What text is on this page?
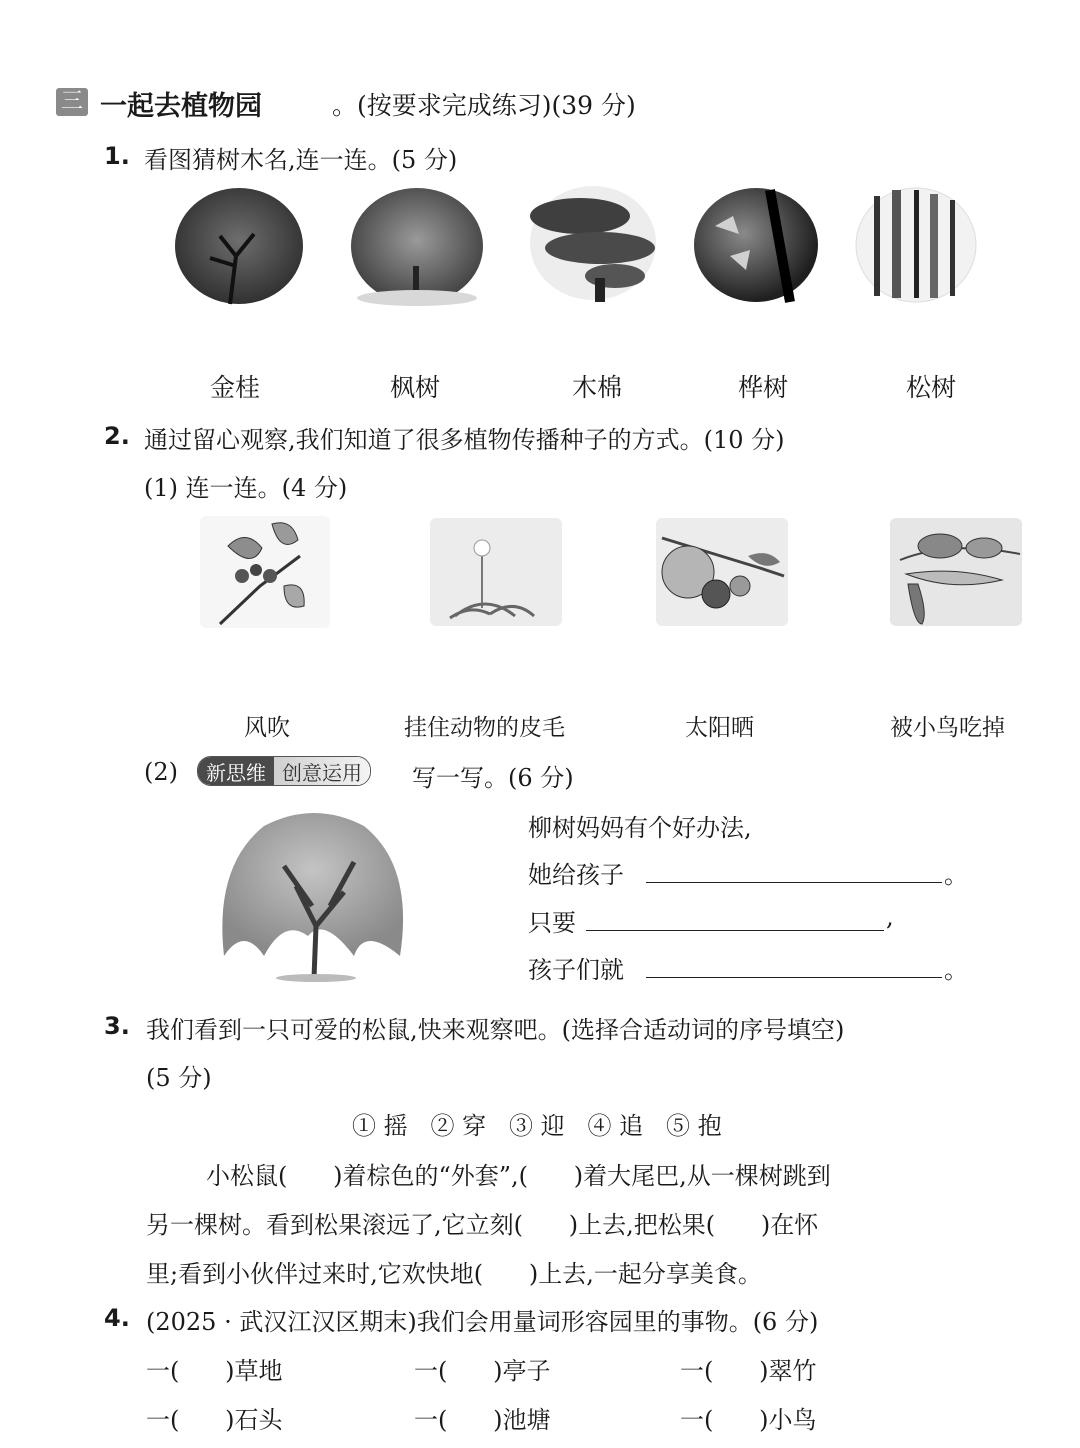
三 一起去植物园	。(按要求完成练习)(39 分)
1. 看图猜树木名,连一连。(5 分)
金桂	枫树	木棉	桦树	松树
2. 通过留心观察,我们知道了很多植物传播种子的方式。(10 分)
(1) 连一连。(4 分)
风吹	挂住动物的皮毛	太阳晒	被小鸟吃掉
(2)	新思维 创意运用	写一写。(6 分)
柳树妈妈有个好办法,
她给孩子	。
只要	,
孩子们就	。
3. 我们看到一只可爱的松鼠,快来观察吧。(选择合适动词的序号填空)
(5 分)
① 摇   ② 穿   ③ 迎   ④ 追   ⑤ 抱
小松鼠(      )着棕色的“外套”,(      )着大尾巴,从一棵树跳到
另一棵树。看到松果滚远了,它立刻(      )上去,把松果(      )在怀
里;看到小伙伴过来时,它欢快地(      )上去,一起分享美食。
4. (2025 · 武汉江汉区期末)我们会用量词形容园里的事物。(6 分)
一(      )草地	一(      )亭子	一(      )翠竹
一(      )石头	一(      )池塘	一(      )小鸟
